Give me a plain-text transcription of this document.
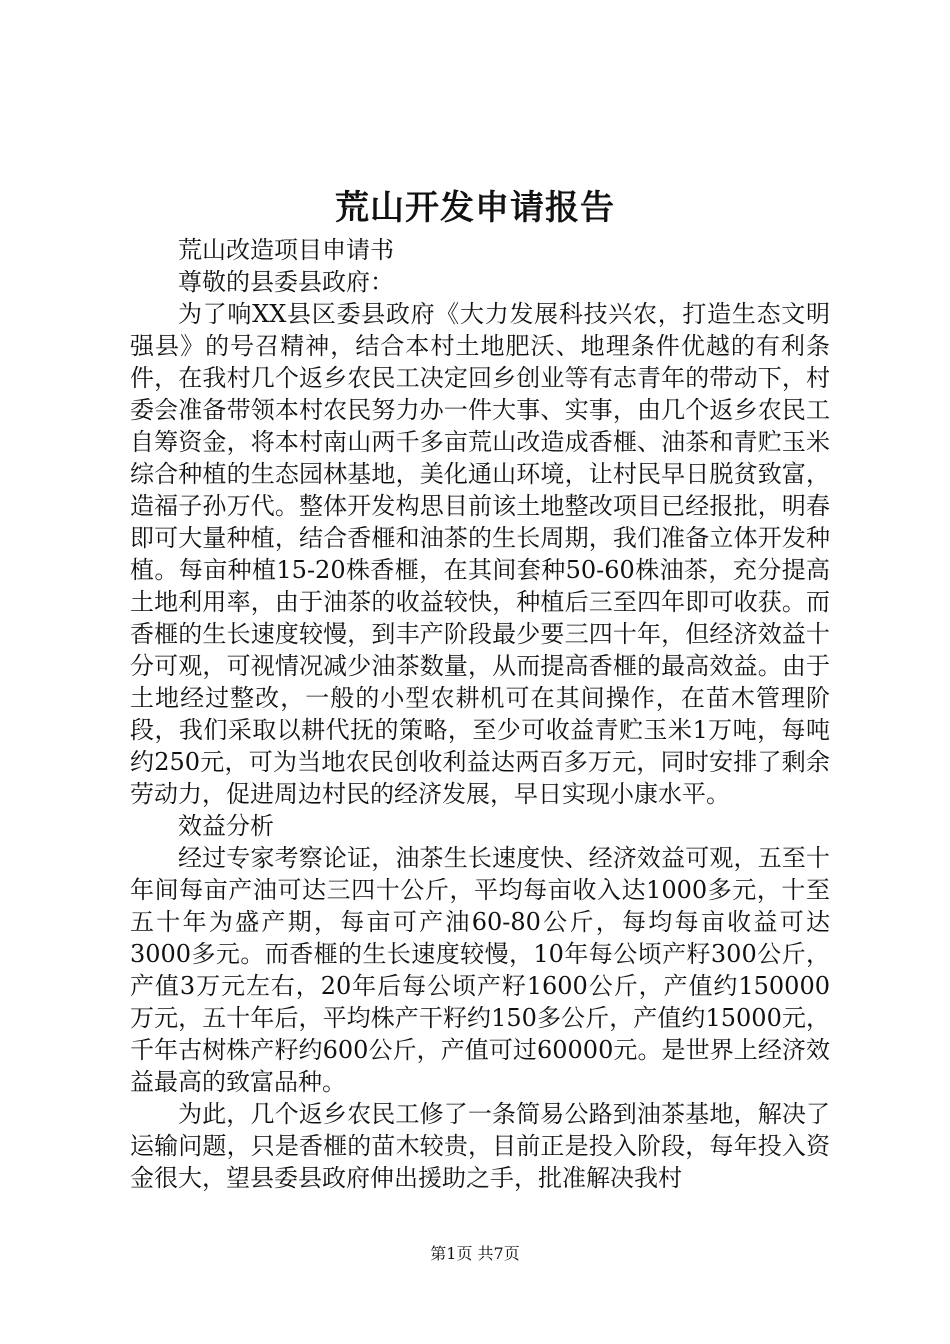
荒山开发申请报告

荒山改造项目申请书

尊敬的县委县政府：

为了响XX县区委县政府《大力发展科技兴农，打造生态文明强县》的号召精神，结合本村土地肥沃、地理条件优越的有利条件，在我村几个返乡农民工决定回乡创业等有志青年的带动下，村委会准备带领本村农民努力办一件大事、实事，由几个返乡农民工自筹资金，将本村南山两千多亩荒山改造成香榧、油茶和青贮玉米综合种植的生态园林基地，美化通山环境，让村民早日脱贫致富，造福子孙万代。整体开发构思目前该土地整改项目已经报批，明春即可大量种植，结合香榧和油茶的生长周期，我们准备立体开发种植。每亩种植15-20株香榧，在其间套种50-60株油茶，充分提高土地利用率，由于油茶的收益较快，种植后三至四年即可收获。而香榧的生长速度较慢，到丰产阶段最少要三四十年，但经济效益十分可观，可视情况减少油茶数量，从而提高香榧的最高效益。由于土地经过整改，一般的小型农耕机可在其间操作，在苗木管理阶段，我们采取以耕代抚的策略，至少可收益青贮玉米1万吨，每吨约250元，可为当地农民创收利益达两百多万元，同时安排了剩余劳动力，促进周边村民的经济发展，早日实现小康水平。

效益分析

经过专家考察论证，油茶生长速度快、经济效益可观，五至十年间每亩产油可达三四十公斤，平均每亩收入达1000多元，十至五十年为盛产期，每亩可产油60-80公斤，每均每亩收益可达3000多元。而香榧的生长速度较慢，10年每公顷产籽300公斤，产值3万元左右，20年后每公顷产籽1600公斤，产值约150000万元，五十年后，平均株产干籽约150多公斤，产值约15000元，千年古树株产籽约600公斤，产值可过60000元。是世界上经济效益最高的致富品种。

为此，几个返乡农民工修了一条简易公路到油茶基地，解决了运输问题，只是香榧的苗木较贵，目前正是投入阶段，每年投入资金很大，望县委县政府伸出援助之手，批准解决我村

第1页 共7页
